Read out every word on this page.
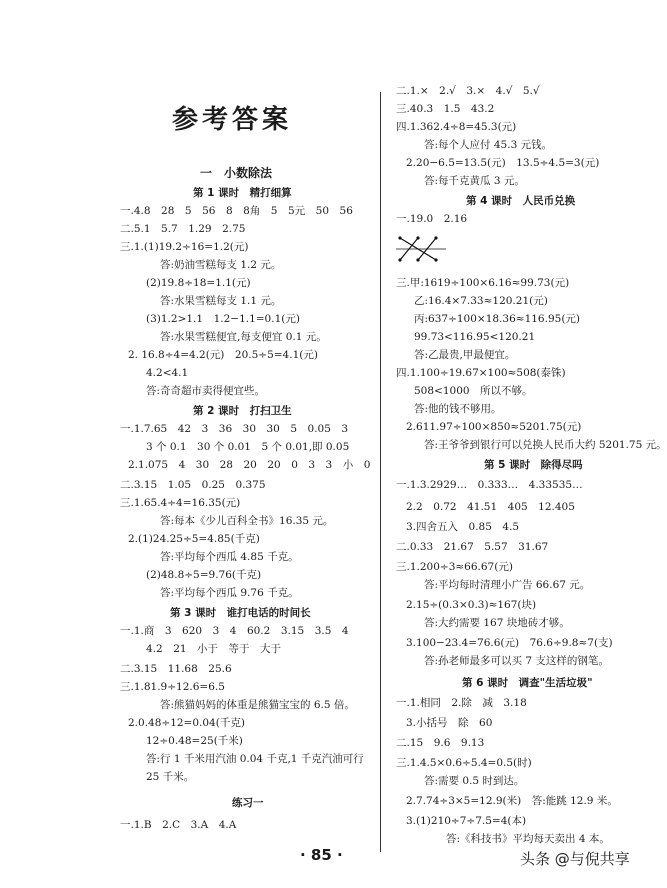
参考答案
一　小数除法
第 1 课时　精打细算
一.4.8　28　5　56　8　8角　5　5元　50　56
二.5.1　5.7　1.29　2.75
三.1.(1)19.2÷16=1.2(元)
答:奶油雪糕每支 1.2 元。
(2)19.8÷18=1.1(元)
答:水果雪糕每支 1.1 元。
(3)1.2>1.1　1.2−1.1=0.1(元)
答:水果雪糕便宜,每支便宜 0.1 元。
2. 16.8÷4=4.2(元)　20.5÷5=4.1(元)
4.2<4.1
答:奇奇超市卖得便宜些。
第 2 课时　打扫卫生
一.1.7.65　42　3　36　30　30　5　0.05　3
3 个 0.1　30 个 0.01　5 个 0.01,即 0.05
2.1.075　4　30　28　20　20　0　3　3　小　0
二.3.15　1.05　0.25　0.375
三.1.65.4÷4=16.35(元)
答:每本《少儿百科全书》16.35 元。
2.(1)24.25÷5=4.85(千克)
答:平均每个西瓜 4.85 千克。
(2)48.8÷5=9.76(千克)
答:平均每个西瓜 9.76 千克。
第 3 课时　谁打电话的时间长
一.1.商　3　620　3　4　60.2　3.15　3.5　4
4.2　21　小于　等于　大于
二.3.15　11.68　25.6
三.1.81.9÷12.6=6.5
答:熊猫妈妈的体重是熊猫宝宝的 6.5 倍。
2.0.48÷12=0.04(千克)
12÷0.48=25(千米)
答:行 1 千米用汽油 0.04 千克,1 千克汽油可行
25 千米。
练习一
一.1.B　2.C　3.A　4.A
二.1.×　2.√　3.×　4.√　5.√
三.40.3　1.5　43.2
四.1.362.4÷8=45.3(元)
答:每个人应付 45.3 元钱。
2.20−6.5=13.5(元)　13.5÷4.5=3(元)
答:每千克黄瓜 3 元。
第 4 课时　人民币兑换
一.19.0　2.16
三.甲:1619÷100×6.16≈99.73(元)
乙:16.4×7.33≈120.21(元)
丙:637÷100×18.36≈116.95(元)
99.73<116.95<120.21
答:乙最贵,甲最便宜。
四.1.100÷19.67×100≈508(泰铢)
508<1000　所以不够。
答:他的钱不够用。
2.611.97÷100×850≈5201.75(元)
答:王爷爷到银行可以兑换人民币大约 5201.75 元。
第 5 课时　除得尽吗
一.1.3.2929…　0.333…　4.33535…
2.2　0.72　41.51　405　12.405
3.四舍五入　0.85　4.5
二.0.33　21.67　5.57　31.67
三.1.200÷3≈66.67(元)
答:平均每时清理小广告 66.67 元。
2.15÷(0.3×0.3)≈167(块)
答:大约需要 167 块地砖才够。
3.100−23.4=76.6(元)　76.6÷9.8≈7(支)
答:孙老师最多可以买 7 支这样的钢笔。
第 6 课时　调查"生活垃圾"
一.1.相同　2.除　减　3.18
3.小括号　除　60
二.15　9.6　9.13
三.1.4.5×0.6÷5.4=0.5(时)
答:需要 0.5 时到达。
2.7.74÷3×5=12.9(米)　答:能跳 12.9 米。
3.(1)210÷7÷7.5=4(本)
答:《科技书》平均每天卖出 4 本。
· 85 ·	头条 @与倪共享
